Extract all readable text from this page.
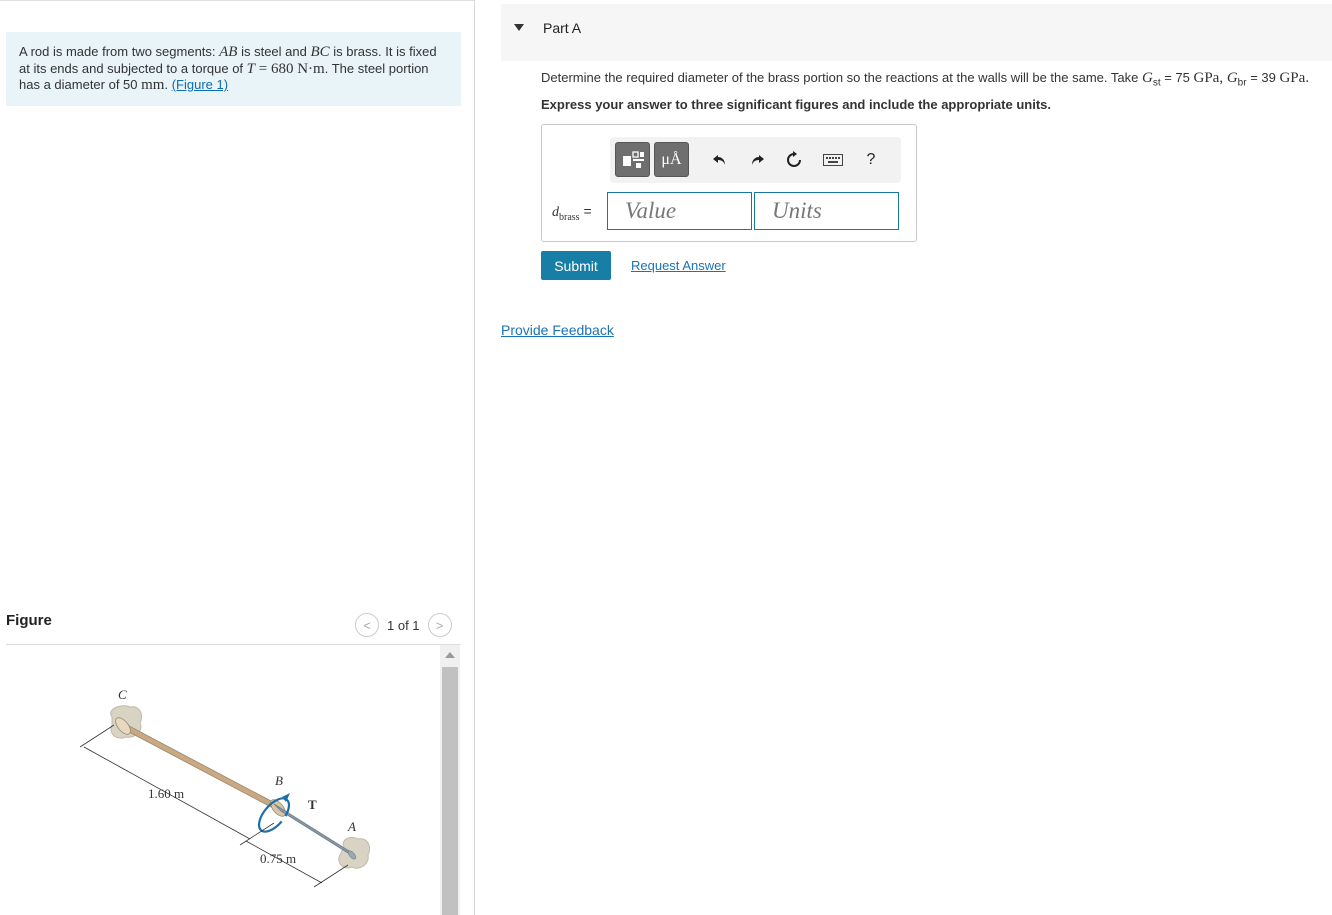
A rod is made from two segments: AB is steel and BC is brass. It is fixed at its ends and subjected to a torque of T = 680 N·m. The steel portion has a diameter of 50 mm. (Figure 1)
Figure	< 1 of 1 >
C
B
A
T
1.60 m
0.75 m
Part A
Determine the required diameter of the brass portion so the reactions at the walls will be the same. Take $G_{st} = 75$ GPa, $G_{br} = 39$ GPa.
Express your answer to three significant figures and include the appropriate units.
μÅ	?
$d_{brass}$ =	Value	Units
Submit	Request Answer
Provide Feedback
